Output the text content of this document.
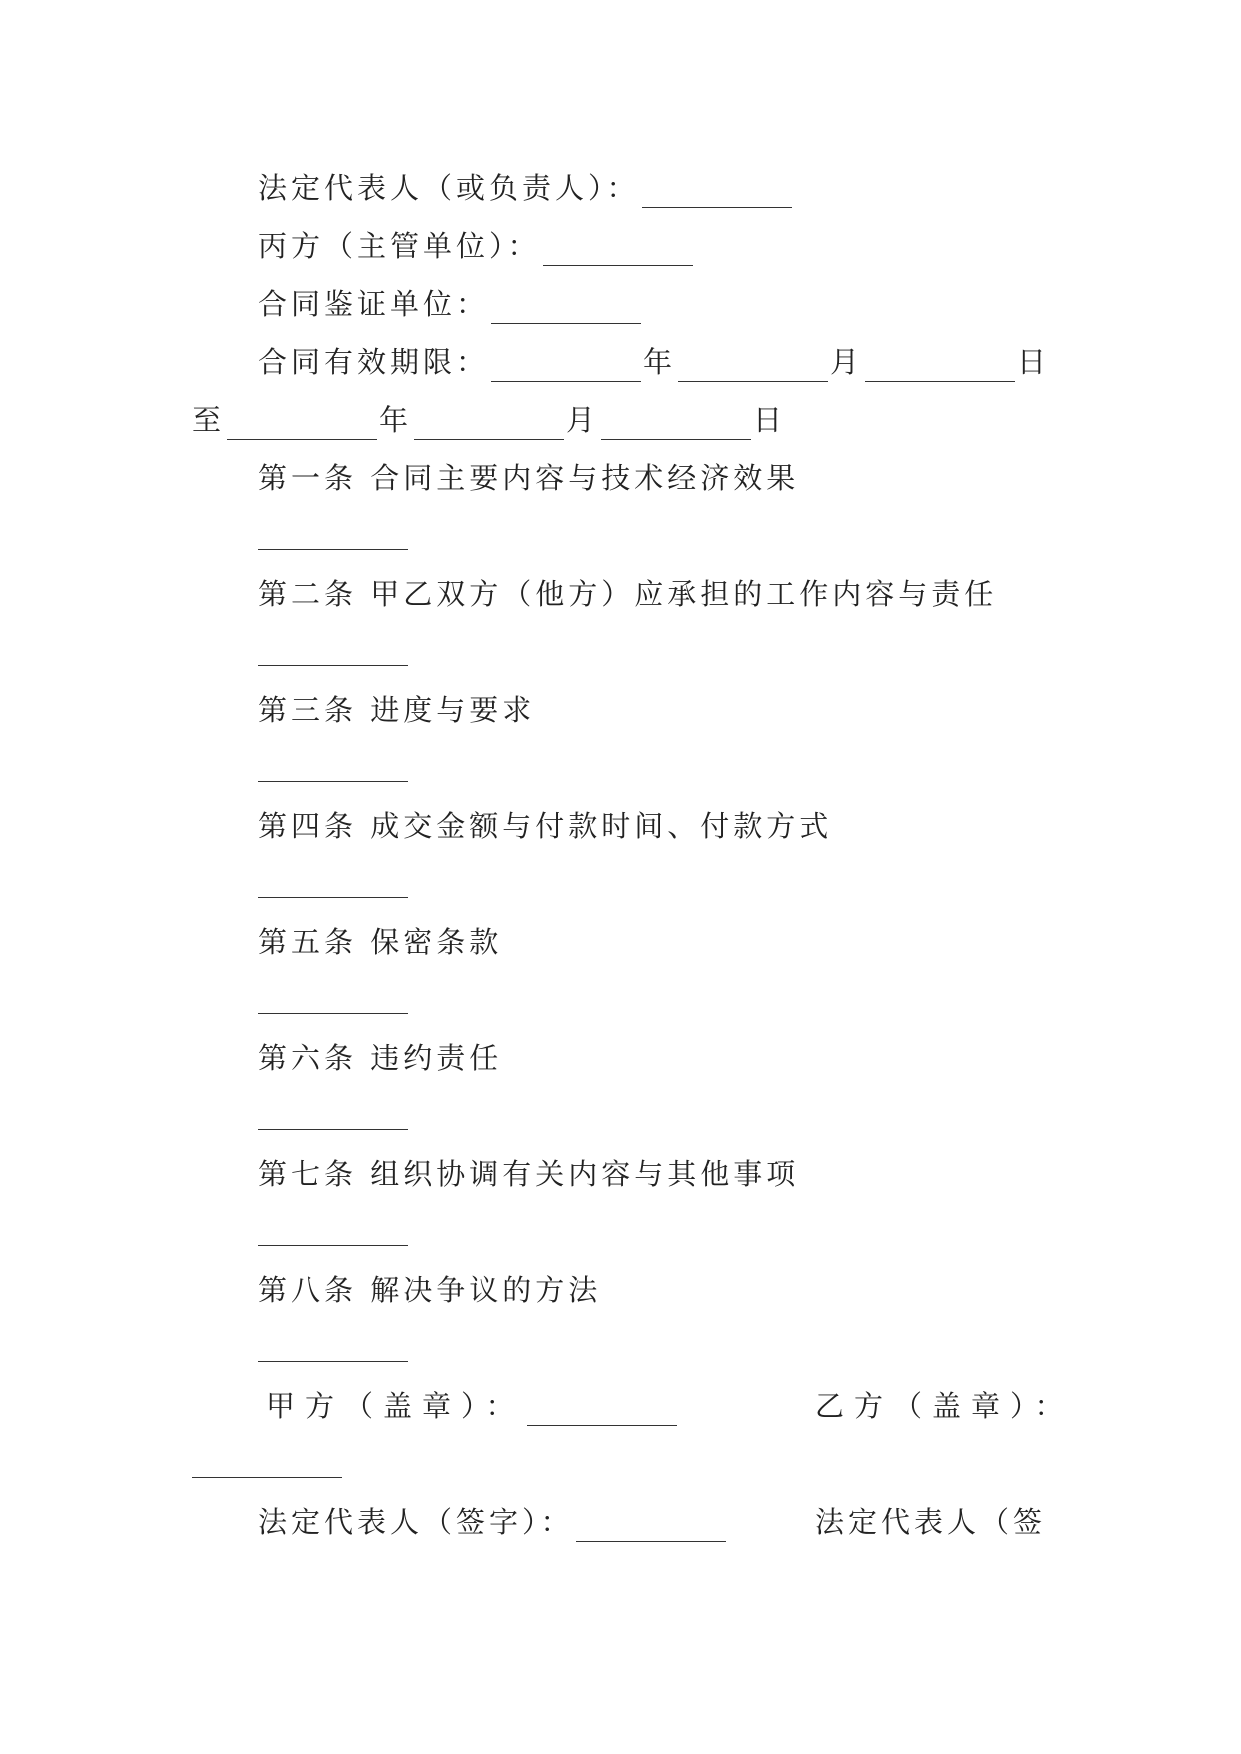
法定代表人（或负责人）：
丙方（主管单位）：
合同鉴证单位：
合同有效期限：	年	月	日
至	年	月	日
第一条 合同主要内容与技术经济效果
第二条 甲乙双方（他方）应承担的工作内容与责任
第三条 进度与要求
第四条 成交金额与付款时间、付款方式
第五条 保密条款
第六条 违约责任
第七条 组织协调有关内容与其他事项
第八条 解决争议的方法
甲方（盖章）：	乙方（盖章）：
法定代表人（签字）：	法定代表人（签
